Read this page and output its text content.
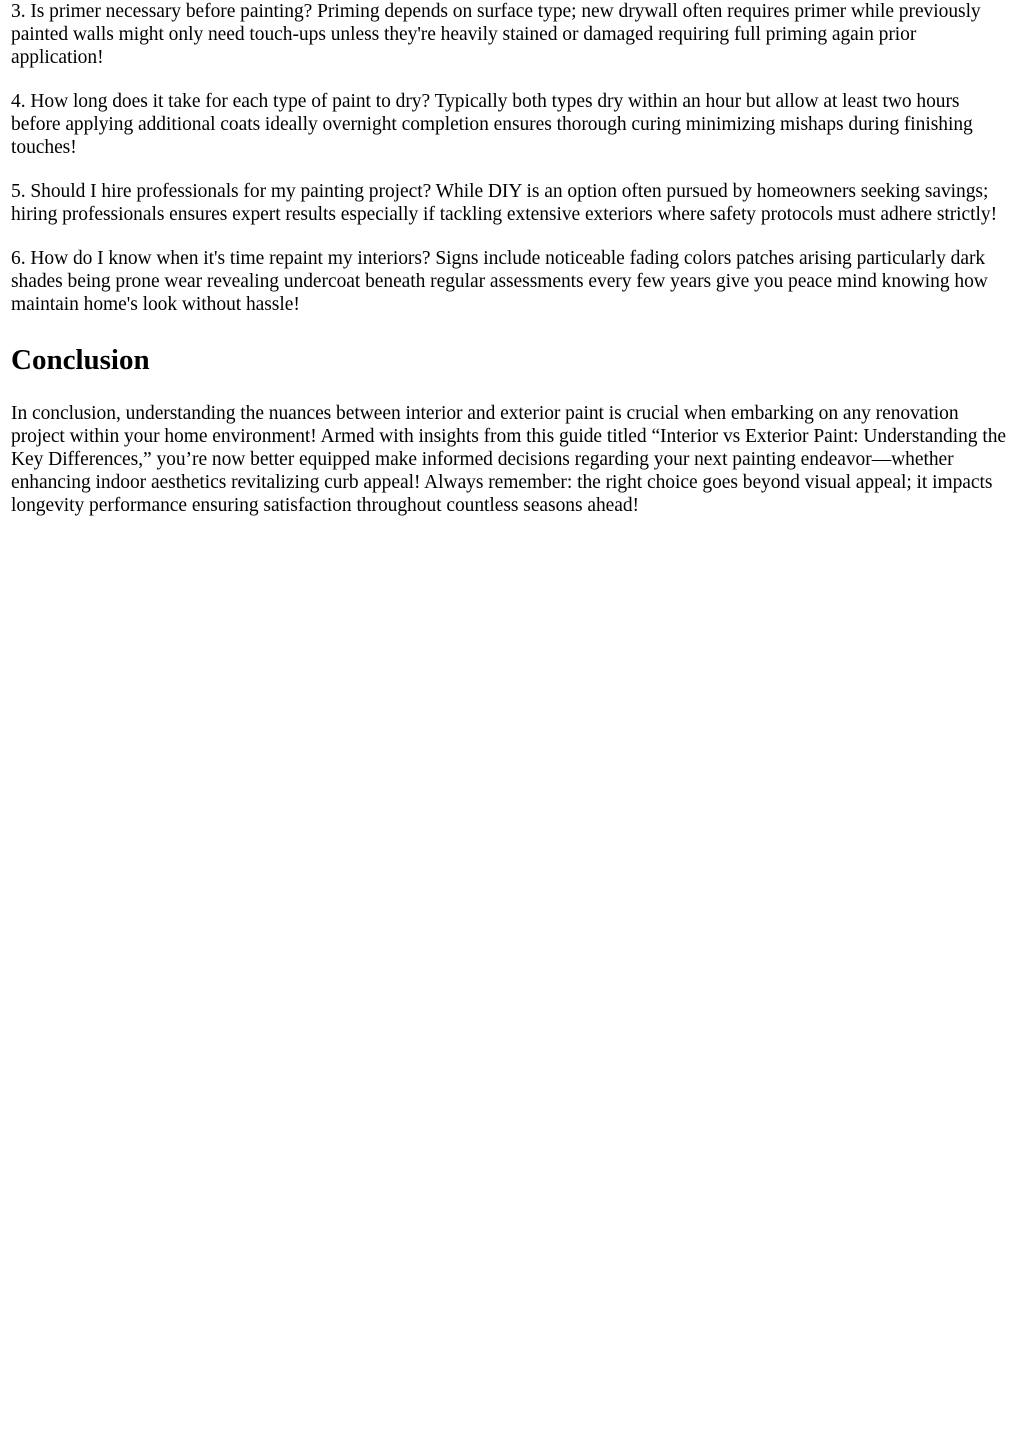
3. Is primer necessary before painting? Priming depends on surface type; new drywall often requires primer while previously painted walls might only need touch-ups unless they're heavily stained or damaged requiring full priming again prior application!

4. How long does it take for each type of paint to dry? Typically both types dry within an hour but allow at least two hours before applying additional coats ideally overnight completion ensures thorough curing minimizing mishaps during finishing touches!

5. Should I hire professionals for my painting project? While DIY is an option often pursued by homeowners seeking savings; hiring professionals ensures expert results especially if tackling extensive exteriors where safety protocols must adhere strictly!

6. How do I know when it's time repaint my interiors? Signs include noticeable fading colors patches arising particularly dark shades being prone wear revealing undercoat beneath regular assessments every few years give you peace mind knowing how maintain home's look without hassle!

Conclusion

In conclusion, understanding the nuances between interior and exterior paint is crucial when embarking on any renovation project within your home environment! Armed with insights from this guide titled “Interior vs Exterior Paint: Understanding the Key Differences,” you’re now better equipped make informed decisions regarding your next painting endeavor—whether enhancing indoor aesthetics revitalizing curb appeal! Always remember: the right choice goes beyond visual appeal; it impacts longevity performance ensuring satisfaction throughout countless seasons ahead!
